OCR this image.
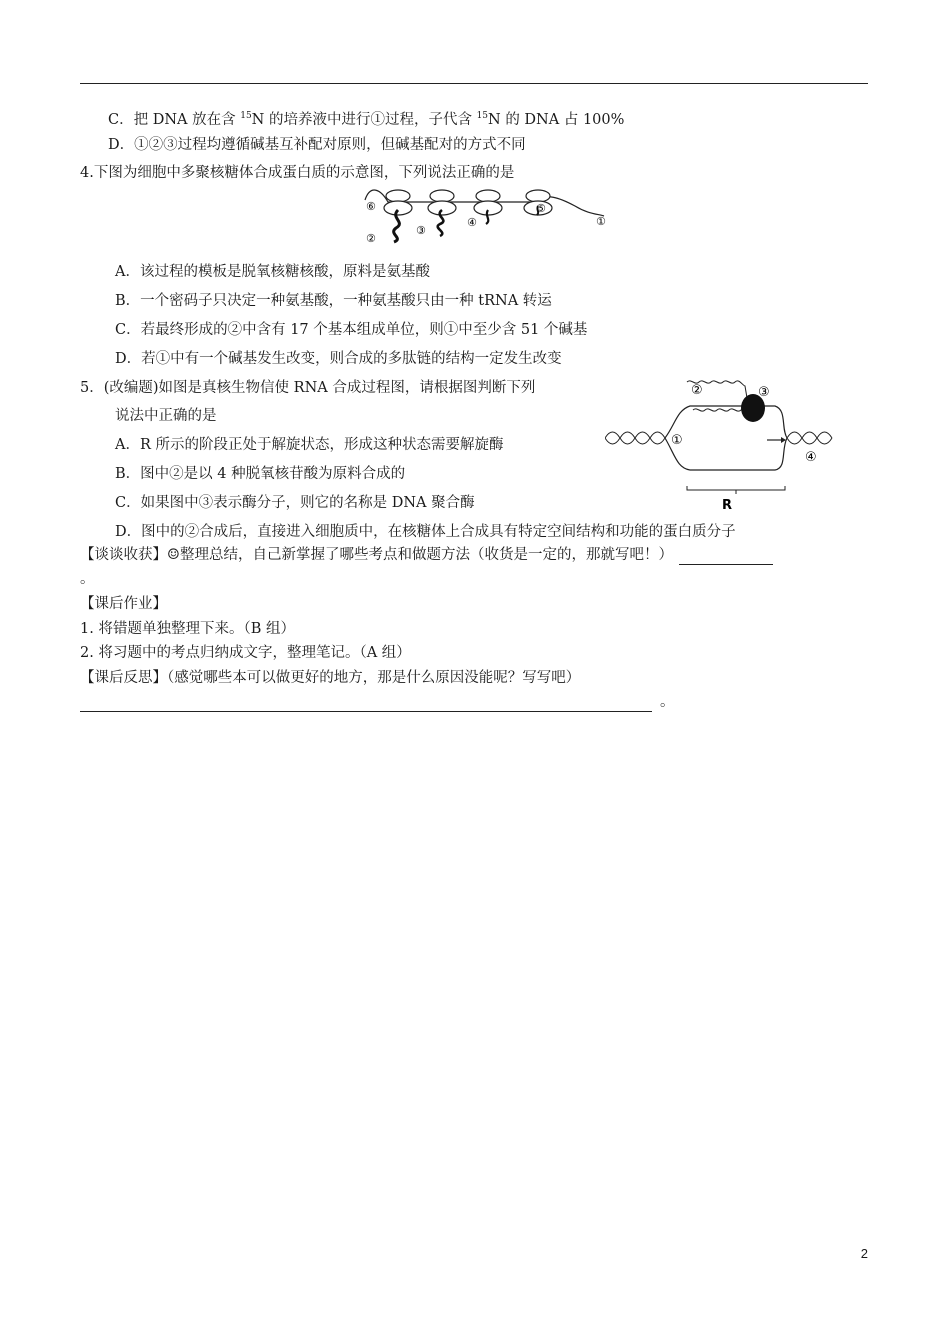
C．把 DNA 放在含 $^{15}$N 的培养液中进行①过程，子代含 $^{15}$N 的 DNA 占 100%
D．①②③过程均遵循碱基互补配对原则，但碱基配对的方式不同
4.下图为细胞中多聚核糖体合成蛋白质的示意图，下列说法正确的是
⑥
②
③
④
⑤
①
A．该过程的模板是脱氧核糖核酸，原料是氨基酸
B．一个密码子只决定一种氨基酸，一种氨基酸只由一种 tRNA 转运
C．若最终形成的②中含有 17 个基本组成单位，则①中至少含 51 个碱基
D．若①中有一个碱基发生改变，则合成的多肽链的结构一定发生改变
5．(改编题)如图是真核生物信使 RNA 合成过程图，请根据图判断下列
说法中正确的是
①
②	③
④
R
A．R 所示的阶段正处于解旋状态，形成这种状态需要解旋酶
B．图中②是以 4 种脱氧核苷酸为原料合成的
C．如果图中③表示酶分子，则它的名称是 DNA 聚合酶
D．图中的②合成后，直接进入细胞质中，在核糖体上合成具有特定空间结构和功能的蛋白质分子
【谈谈收获】☺整理总结，自己新掌握了哪些考点和做题方法（收货是一定的，那就写吧！）
。
【课后作业】
1. 将错题单独整理下来。（B 组）
2. 将习题中的考点归纳成文字，整理笔记。（A 组）
【课后反思】（感觉哪些本可以做更好的地方，那是什么原因没能呢？写写吧）
。
2
